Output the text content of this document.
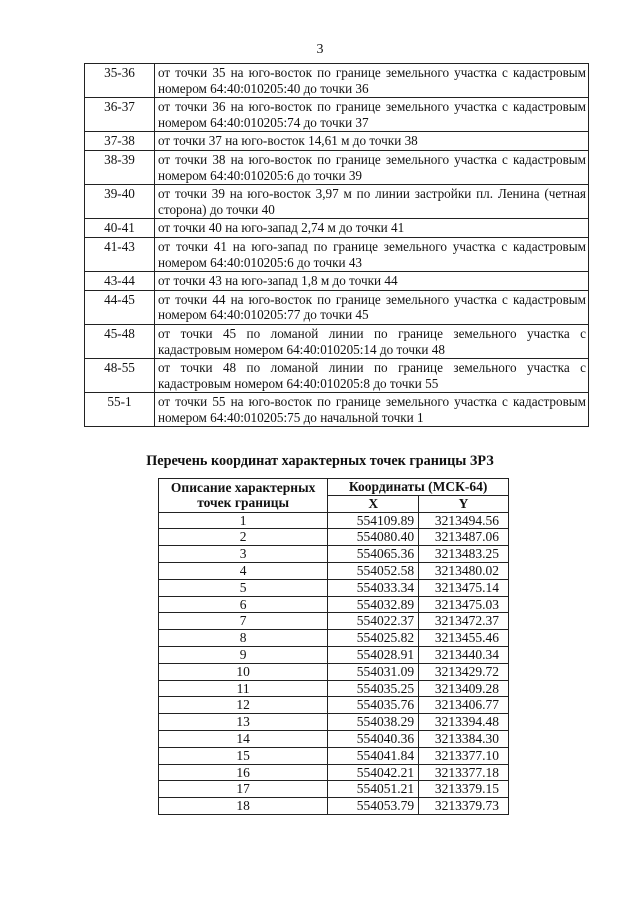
3
35-36	от точки 35 на юго-восток по границе земельного участка с кадастровым номером 64:40:010205:40 до точки 36
36-37	от точки 36 на юго-восток по границе земельного участка с кадастровым номером 64:40:010205:74 до точки 37
37-38	от точки 37 на юго-восток 14,61 м до точки 38
38-39	от точки 38 на юго-восток по границе земельного участка с кадастровым номером 64:40:010205:6 до точки 39
39-40	от точки 39 на юго-восток 3,97 м по линии застройки пл. Ленина (четная сторона) до точки 40
40-41	от точки 40 на юго-запад 2,74 м до точки 41
41-43	от точки 41 на юго-запад по границе земельного участка с кадастровым номером 64:40:010205:6 до точки 43
43-44	от точки 43 на юго-запад 1,8 м до точки 44
44-45	от точки 44 на юго-восток по границе земельного участка с кадастровым номером 64:40:010205:77 до точки 45
45-48	от точки 45 по ломаной линии по границе земельного участка с кадастровым номером 64:40:010205:14 до точки 48
48-55	от точки 48 по ломаной линии по границе земельного участка с кадастровым номером 64:40:010205:8 до точки 55
55-1	от точки 55 на юго-восток по границе земельного участка с кадастровым номером 64:40:010205:75 до начальной точки 1
Перечень координат характерных точек границы ЗРЗ
Описание характерных точек границы	Координаты (МСК-64)	
	X	Y
1	554109.89	3213494.56
2	554080.40	3213487.06
3	554065.36	3213483.25
4	554052.58	3213480.02
5	554033.34	3213475.14
6	554032.89	3213475.03
7	554022.37	3213472.37
8	554025.82	3213455.46
9	554028.91	3213440.34
10	554031.09	3213429.72
11	554035.25	3213409.28
12	554035.76	3213406.77
13	554038.29	3213394.48
14	554040.36	3213384.30
15	554041.84	3213377.10
16	554042.21	3213377.18
17	554051.21	3213379.15
18	554053.79	3213379.73
